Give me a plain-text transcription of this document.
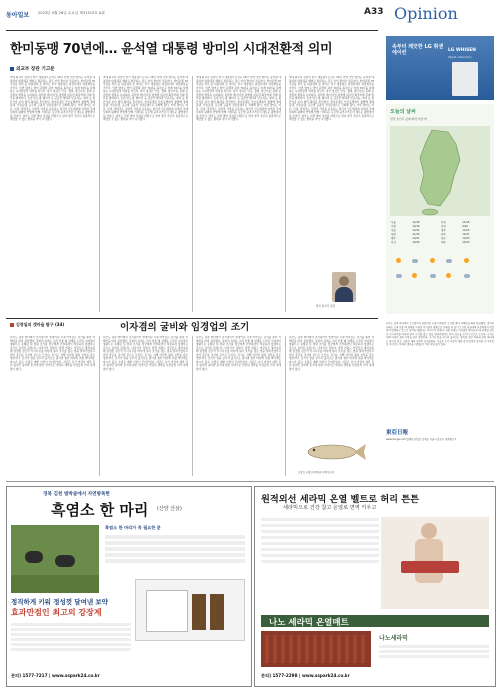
동아일보 2023년 4월 26일 수요일 제31515호 A판	A33 Opinion
한미동맹 70년에… 윤석열 대통령 방미의 시대전환적 의미
외교부 장관 기고문
역대 외교부 장관이 한국 대통령으로서는 12년 만에 국빈 방미는 윤석열 대통령의 대통령을 해외로 방문하는 것은 이번 방미가 처음이다. 한미동맹 70주년을 맞아 윤 대통령과 조 바이든 미국 대통령은 워싱턴에서 정상회담을 가진다. 이번 방미는 한미 동맹의 과거 70년을 돌아보고 미래 70년을 설계하는 시대전환적 의미를 지닌다. 양국 정상은 안보, 경제, 첨단기술, 문화 등 전방위 협력을 논의하며, 북한의 핵·미사일 위협에 대응한 확장억제 강화 방안을 협의한다. 또한 반도체, 배터리 등 공급망 협력과 인공지능, 양자 등 첨단기술 분야 협력 확대를 추진한다. 한미동맹은 안보동맹에서 출발해 경제동맹, 기술동맹, 글로벌 포괄적 전략동맹으로 진화해 왔다. 이번 방미는 자유, 인권, 법치라는 보편적 가치를 공유하는 양국이 인도태평양 지역과 국제사회의 평화와 번영에 함께 기여하는 글로벌 중추국가로서 새로운 출발점이 될 것이다. 정부는 이번 방미 성과를 바탕으로 한미 양국 국민이 실질적으로 체감할 수 있는 협력을 이어 나가겠다.
역대 외교부 장관이 한국 대통령으로서는 12년 만에 국빈 방미는 윤석열 대통령의 대통령을 해외로 방문하는 것은 이번 방미가 처음이다. 한미동맹 70주년을 맞아 윤 대통령과 조 바이든 미국 대통령은 워싱턴에서 정상회담을 가진다. 이번 방미는 한미 동맹의 과거 70년을 돌아보고 미래 70년을 설계하는 시대전환적 의미를 지닌다. 양국 정상은 안보, 경제, 첨단기술, 문화 등 전방위 협력을 논의하며, 북한의 핵·미사일 위협에 대응한 확장억제 강화 방안을 협의한다. 또한 반도체, 배터리 등 공급망 협력과 인공지능, 양자 등 첨단기술 분야 협력 확대를 추진한다. 한미동맹은 안보동맹에서 출발해 경제동맹, 기술동맹, 글로벌 포괄적 전략동맹으로 진화해 왔다. 이번 방미는 자유, 인권, 법치라는 보편적 가치를 공유하는 양국이 인도태평양 지역과 국제사회의 평화와 번영에 함께 기여하는 글로벌 중추국가로서 새로운 출발점이 될 것이다. 정부는 이번 방미 성과를 바탕으로 한미 양국 국민이 실질적으로 체감할 수 있는 협력을 이어 나가겠다.
역대 외교부 장관이 한국 대통령으로서는 12년 만에 국빈 방미는 윤석열 대통령의 대통령을 해외로 방문하는 것은 이번 방미가 처음이다. 한미동맹 70주년을 맞아 윤 대통령과 조 바이든 미국 대통령은 워싱턴에서 정상회담을 가진다. 이번 방미는 한미 동맹의 과거 70년을 돌아보고 미래 70년을 설계하는 시대전환적 의미를 지닌다. 양국 정상은 안보, 경제, 첨단기술, 문화 등 전방위 협력을 논의하며, 북한의 핵·미사일 위협에 대응한 확장억제 강화 방안을 협의한다. 또한 반도체, 배터리 등 공급망 협력과 인공지능, 양자 등 첨단기술 분야 협력 확대를 추진한다. 한미동맹은 안보동맹에서 출발해 경제동맹, 기술동맹, 글로벌 포괄적 전략동맹으로 진화해 왔다. 이번 방미는 자유, 인권, 법치라는 보편적 가치를 공유하는 양국이 인도태평양 지역과 국제사회의 평화와 번영에 함께 기여하는 글로벌 중추국가로서 새로운 출발점이 될 것이다. 정부는 이번 방미 성과를 바탕으로 한미 양국 국민이 실질적으로 체감할 수 있는 협력을 이어 나가겠다.
역대 외교부 장관이 한국 대통령으로서는 12년 만에 국빈 방미는 윤석열 대통령의 대통령을 해외로 방문하는 것은 이번 방미가 처음이다. 한미동맹 70주년을 맞아 윤 대통령과 조 바이든 미국 대통령은 워싱턴에서 정상회담을 가진다. 이번 방미는 한미 동맹의 과거 70년을 돌아보고 미래 70년을 설계하는 시대전환적 의미를 지닌다. 양국 정상은 안보, 경제, 첨단기술, 문화 등 전방위 협력을 논의하며, 북한의 핵·미사일 위협에 대응한 확장억제 강화 방안을 협의한다. 또한 반도체, 배터리 등 공급망 협력과 인공지능, 양자 등 첨단기술 분야 협력 확대를 추진한다. 한미동맹은 안보동맹에서 출발해 경제동맹, 기술동맹, 글로벌 포괄적 전략동맹으로 진화해 왔다. 이번 방미는 자유, 인권, 법치라는 보편적 가치를 공유하는 양국이 인도태평양 지역과 국제사회의 평화와 번영에 함께 기여하는 글로벌 중추국가로서 새로운 출발점이 될 것이다. 정부는 이번 방미 성과를 바탕으로 한미 양국 국민이 실질적으로 체감할 수 있는 협력을 이어 나가겠다.
박진 외교부 장관
속부터 깨끗한 LG 휘센 에어컨	LG WHISEN
Objet collection
오늘의 날씨
전국 흐리고 곳에 따라 가끔 비
서울	12/18	인천	11/16
수원	10/19	춘천	9/20
강릉	12/22	청주	11/20
대전	11/20	전주	12/21
광주	13/21	대구	13/23
부산	14/20	제주	15/20
김창일의 갯마을 탐구 (34)	이자겸의 굴비와 임경업의 조기
흑산도 남쪽 바다에서 조기잡이가 한창이던 시절 어부들은 조기를 쫓아 서해안을 따라 북상했다. 굴비의 유래는 고려 인종 때 권세를 누리던 이자겸이 영광으로 유배된 뒤 말린 조기를 임금에게 진상하면서 비굴하지 않겠다는 뜻으로 굴비라 불렀다는 이야기가 전한다. 한편 연평도 어민들은 병자호란 때 임경업 장군이 가시나무를 바다에 꽂아 조기를 잡는 법을 알려주었다고 믿어 장군을 조기의 신으로 모신다. 조기는 서해 어민의 삶과 신앙을 담은 생선이다. 조기가 알을 낳으러 올라오는 봄이면 칠산 바다와 연평 바다에는 파시가 섰고, 수많은 배와 사람이 모여들었다. 지금은 조기 어장이 예전 같지 않지만 굴비와 조기에 얽힌 이야기는 여전히 갯마을 사람들의 기억 속에 살아 있다.
흑산도 남쪽 바다에서 조기잡이가 한창이던 시절 어부들은 조기를 쫓아 서해안을 따라 북상했다. 굴비의 유래는 고려 인종 때 권세를 누리던 이자겸이 영광으로 유배된 뒤 말린 조기를 임금에게 진상하면서 비굴하지 않겠다는 뜻으로 굴비라 불렀다는 이야기가 전한다. 한편 연평도 어민들은 병자호란 때 임경업 장군이 가시나무를 바다에 꽂아 조기를 잡는 법을 알려주었다고 믿어 장군을 조기의 신으로 모신다. 조기는 서해 어민의 삶과 신앙을 담은 생선이다. 조기가 알을 낳으러 올라오는 봄이면 칠산 바다와 연평 바다에는 파시가 섰고, 수많은 배와 사람이 모여들었다. 지금은 조기 어장이 예전 같지 않지만 굴비와 조기에 얽힌 이야기는 여전히 갯마을 사람들의 기억 속에 살아 있다.
흑산도 남쪽 바다에서 조기잡이가 한창이던 시절 어부들은 조기를 쫓아 서해안을 따라 북상했다. 굴비의 유래는 고려 인종 때 권세를 누리던 이자겸이 영광으로 유배된 뒤 말린 조기를 임금에게 진상하면서 비굴하지 않겠다는 뜻으로 굴비라 불렀다는 이야기가 전한다. 한편 연평도 어민들은 병자호란 때 임경업 장군이 가시나무를 바다에 꽂아 조기를 잡는 법을 알려주었다고 믿어 장군을 조기의 신으로 모신다. 조기는 서해 어민의 삶과 신앙을 담은 생선이다. 조기가 알을 낳으러 올라오는 봄이면 칠산 바다와 연평 바다에는 파시가 섰고, 수많은 배와 사람이 모여들었다. 지금은 조기 어장이 예전 같지 않지만 굴비와 조기에 얽힌 이야기는 여전히 갯마을 사람들의 기억 속에 살아 있다.
흑산도 남쪽 바다에서 조기잡이가 한창이던 시절 어부들은 조기를 쫓아 서해안을 따라 북상했다. 굴비의 유래는 고려 인종 때 권세를 누리던 이자겸이 영광으로 유배된 뒤 말린 조기를 임금에게 진상하면서 비굴하지 않겠다는 뜻으로 굴비라 불렀다는 이야기가 전한다. 한편 연평도 어민들은 병자호란 때 임경업 장군이 가시나무를 바다에 꽂아 조기를 잡는 법을 알려주었다고 믿어 장군을 조기의 신으로 모신다. 조기는 서해 어민의 삶과 신앙을 담은 생선이다. 조기가 알을 낳으러 올라오는 봄이면 칠산 바다와 연평 바다에는 파시가 섰고, 수많은 배와 사람이 모여들었다. 지금은 조기 어장이 예전 같지 않지만 굴비와 조기에 얽힌 이야기는 여전히 갯마을 사람들의 기억 속에 살아 있다.
김창일 국립민속박물관 학예연구관
흑산도 남쪽 바다에서 조기잡이가 한창이던 시절 어부들은 조기를 쫓아 서해안을 따라 북상했다. 굴비의 유래는 고려 인종 때 권세를 누리던 이자겸이 영광으로 유배된 뒤 말린 조기를 임금에게 진상하면서 비굴하지 않겠다는 뜻으로 굴비라 불렀다는 이야기가 전한다. 한편 연평도 어민들은 병자호란 때 임경업 장군이 가시나무를 바다에 꽂아 조기를 잡는 법을 알려주었다고 믿어 장군을 조기의 신으로 모신다. 조기는 서해 어민의 삶과 신앙을 담은 생선이다. 조기가 알을 낳으러 올라오는 봄이면 칠산 바다와 연평 바다에는 파시가 섰고, 수많은 배와 사람이 모여들었다. 지금은 조기 어장이 예전 같지 않지만 굴비와 조기에 얽힌 이야기는 여전히 갯마을 사람들의 기억 속에 살아 있다.
東亞日報
www.donga.com 발행인·편집인 김재호 서울시 종로구 청계천로 1
경북 김천 범박골에서 자연방목한
흑염소 한 마리 (산양 산삼)
흑염소 한 마리가 꼭 필요한 분
정직하게 키워 정성껏 달여낸 보약
효과만점인 최고의 강장제
문의) 1577-7217 | www.sspark24.co.kr
원적외선 세라믹 온열 벨트로 허리 튼튼
세라믹으로 건강 참고 온열로 면역 키우고
나노 세라믹 온열매트
나노세라믹
문의) 1577-2298 | www.sspark24.co.kr
